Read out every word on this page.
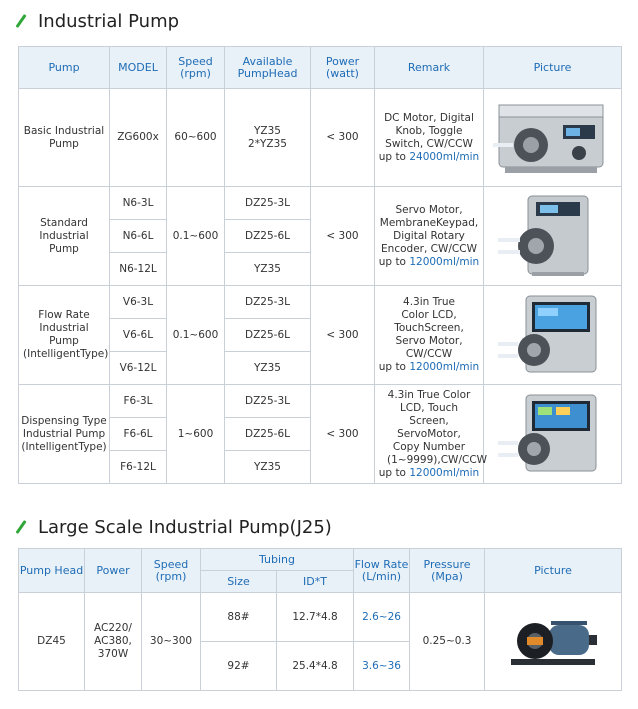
Industrial Pump
Pump	MODEL	Speed (rpm)	Available PumpHead	Power (watt)	Remark	Picture
Basic Industrial Pump	ZG600x	60~600	YZ35 2*YZ35	< 300	DC Motor, Digital Knob, Toggle Switch, CW/CCW
up to 24000ml/min

Standard Industrial Pump	N6-3L	0.1~600	DZ25-3L	< 300	Servo Motor, MembraneKeypad, Digital Rotary Encoder, CW/CCW
up to 12000ml/min

	N6-6L		DZ25-6L			
	N6-12L		YZ35			
Flow Rate Industrial Pump (IntelligentType)	V6-3L	0.1~600	DZ25-3L	< 300	4.3in True Color LCD, TouchScreen, Servo Motor, CW/CCW
up to 12000ml/min

	V6-6L		DZ25-6L			
	V6-12L		YZ35			
Dispensing Type Industrial Pump (IntelligentType)	F6-3L	1~600	DZ25-3L	< 300	4.3in True Color LCD, Touch Screen, ServoMotor, Copy Number (1~9999),CW/CCW
up to 12000ml/min

	F6-6L		DZ25-6L			
	F6-12L		YZ35			
Large Scale Industrial Pump(J25)
Pump Head	Power	Speed (rpm)	Tubing		Flow Rate (L/min)	Pressure (Mpa)	Picture
			Size	ID*T			
DZ45	AC220/ AC380, 370W	30~300	88#	12.7*4.8	2.6~26	0.25~0.3	

			92#	25.4*4.8	3.6~36		
